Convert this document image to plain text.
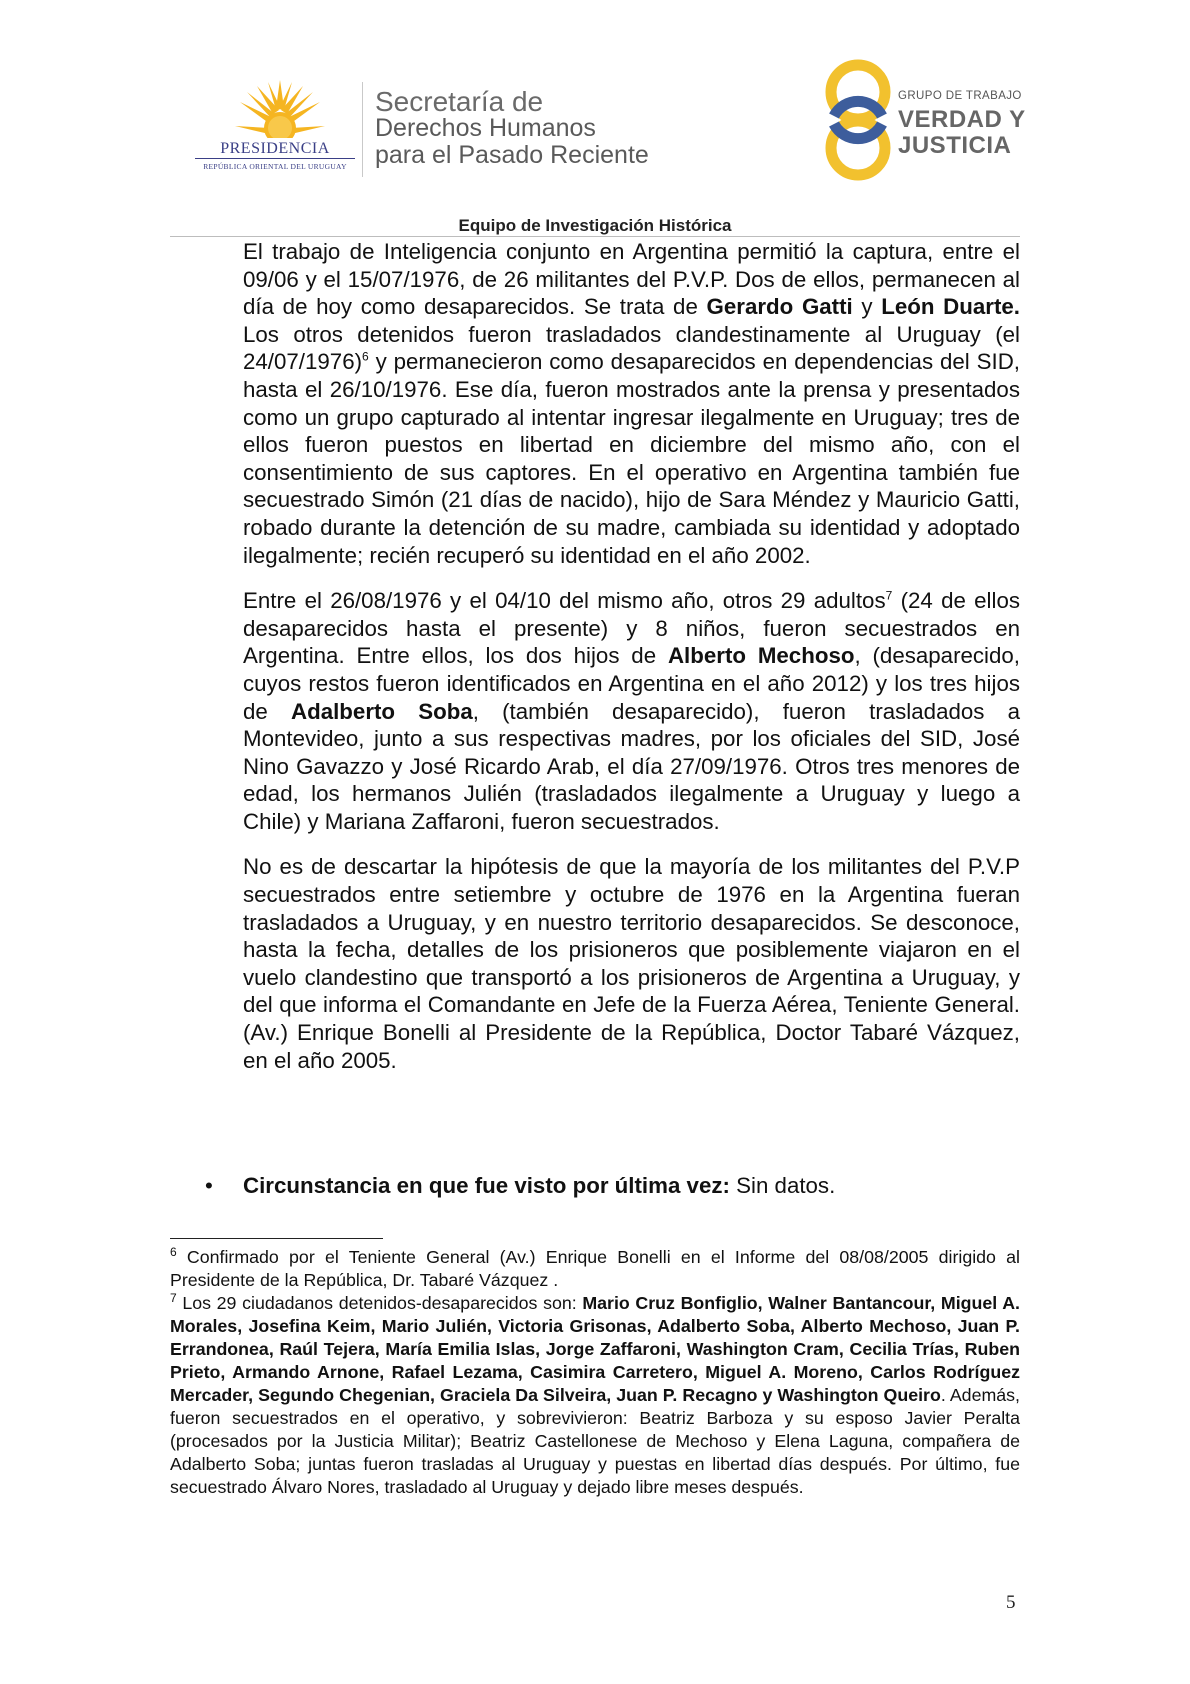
PRESIDENCIA
REPÚBLICA ORIENTAL DEL URUGUAY
Secretaría de
Derechos Humanos
para el Pasado Reciente
GRUPO DE TRABAJO
VERDAD Y
JUSTICIA
Equipo de Investigación Histórica

El trabajo de Inteligencia conjunto en Argentina permitió la captura, entre el 09/06 y el 15/07/1976, de 26 militantes del P.V.P. Dos de ellos, permanecen al día de hoy como desaparecidos. Se trata de Gerardo Gatti y León Duarte. Los otros detenidos fueron trasladados clandestinamente al Uruguay (el 24/07/1976)$^6$ y permanecieron como desaparecidos en dependencias del SID, hasta el 26/10/1976. Ese día, fueron mostrados ante la prensa y presentados como un grupo capturado al intentar ingresar ilegalmente en Uruguay; tres de ellos fueron puestos en libertad en diciembre del mismo año, con el consentimiento de sus captores. En el operativo en Argentina también fue secuestrado Simón (21 días de nacido), hijo de Sara Méndez y Mauricio Gatti, robado durante la detención de su madre, cambiada su identidad y adoptado ilegalmente; recién recuperó su identidad en el año 2002.

Entre el 26/08/1976 y el 04/10 del mismo año, otros 29 adultos$^7$ (24 de ellos desaparecidos hasta el presente) y 8 niños, fueron secuestrados en Argentina. Entre ellos, los dos hijos de Alberto Mechoso, (desaparecido, cuyos restos fueron identificados en Argentina en el año 2012) y los tres hijos de Adalberto Soba, (también desaparecido), fueron trasladados a Montevideo, junto a sus respectivas madres, por los oficiales del SID, José Nino Gavazzo y José Ricardo Arab, el día 27/09/1976. Otros tres menores de edad, los hermanos Julién (trasladados ilegalmente a Uruguay y luego a Chile) y Mariana Zaffaroni, fueron secuestrados.

No es de descartar la hipótesis de que la mayoría de los militantes del P.V.P secuestrados entre setiembre y octubre de 1976 en la Argentina fueran trasladados a Uruguay, y en nuestro territorio desaparecidos. Se desconoce, hasta la fecha, detalles de los prisioneros que posiblemente viajaron en el vuelo clandestino que transportó a los prisioneros de Argentina a Uruguay, y del que informa el Comandante en Jefe de la Fuerza Aérea, Teniente General. (Av.) Enrique Bonelli al Presidente de la República, Doctor Tabaré Vázquez, en el año 2005.

•	Circunstancia en que fue visto por última vez: Sin datos.

$^6$ Confirmado por el Teniente General (Av.) Enrique Bonelli en el Informe del 08/08/2005 dirigido al Presidente de la República, Dr. Tabaré Vázquez .

$^7$ Los 29 ciudadanos detenidos-desaparecidos son: Mario Cruz Bonfiglio, Walner Bantancour, Miguel A. Morales, Josefina Keim, Mario Julién, Victoria Grisonas, Adalberto Soba, Alberto Mechoso, Juan P. Errandonea, Raúl Tejera, María Emilia Islas, Jorge Zaffaroni, Washington Cram, Cecilia Trías, Ruben Prieto, Armando Arnone, Rafael Lezama, Casimira Carretero, Miguel A. Moreno, Carlos Rodríguez Mercader, Segundo Chegenian, Graciela Da Silveira, Juan P. Recagno y Washington Queiro. Además, fueron secuestrados en el operativo, y sobrevivieron: Beatriz Barboza y su esposo Javier Peralta (procesados por la Justicia Militar); Beatriz Castellonese de Mechoso y Elena Laguna, compañera de Adalberto Soba; juntas fueron trasladas al Uruguay y puestas en libertad días después. Por último, fue secuestrado Álvaro Nores, trasladado al Uruguay y dejado libre meses después.

5
